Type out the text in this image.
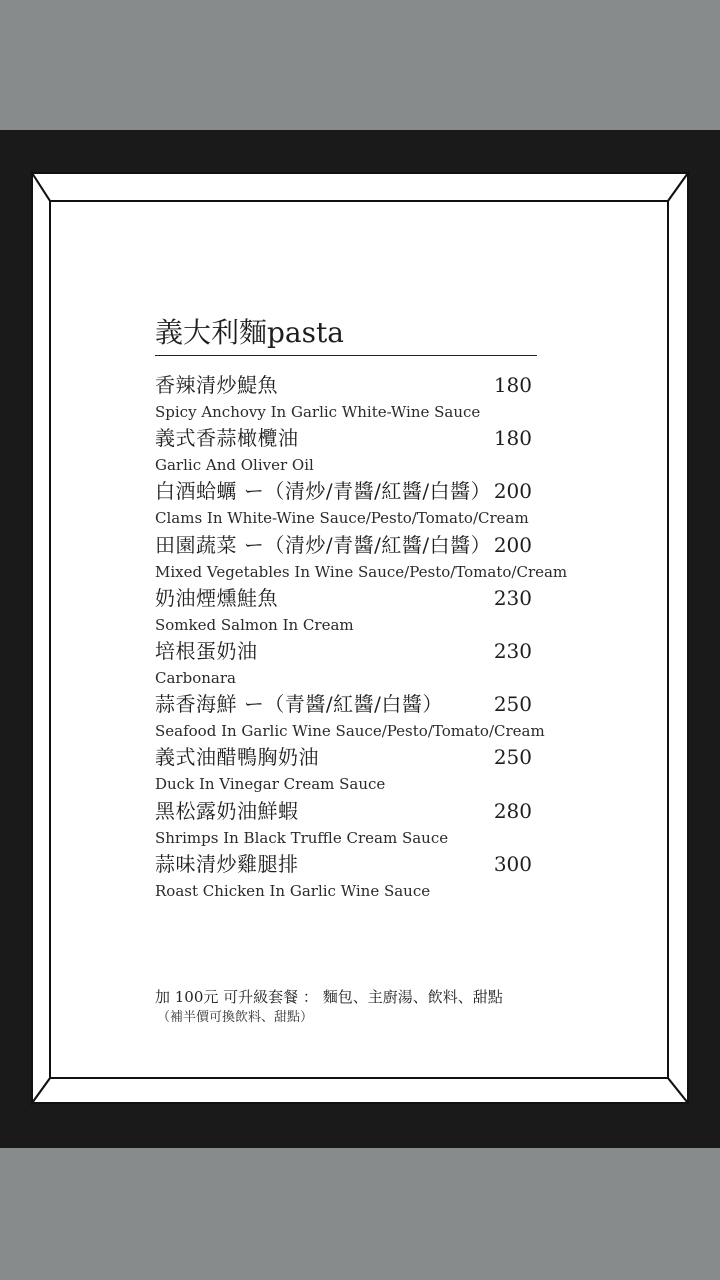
義大利麵pasta
香辣清炒鯷魚	180
Spicy Anchovy In Garlic White-Wine Sauce
義式香蒜橄欖油	180
Garlic And Oliver Oil
白酒蛤蠣 ー（清炒/青醬/紅醬/白醬） 200
Clams In White-Wine Sauce/Pesto/Tomato/Cream
田園蔬菜 ー（清炒/青醬/紅醬/白醬） 200
Mixed Vegetables In Wine Sauce/Pesto/Tomato/Cream
奶油煙燻鮭魚	230
Somked Salmon In Cream
培根蛋奶油	230
Carbonara
蒜香海鮮 ー（青醬/紅醬/白醬）	250
Seafood In Garlic Wine Sauce/Pesto/Tomato/Cream
義式油醋鴨胸奶油	250
Duck In Vinegar Cream Sauce
黑松露奶油鮮蝦	280
Shrimps In Black Truffle Cream Sauce
蒜味清炒雞腿排	300
Roast Chicken In Garlic Wine Sauce
加 100元 可升級套餐 ： 麵包、主廚湯、飲料、甜點
（補半價可換飲料、甜點）
